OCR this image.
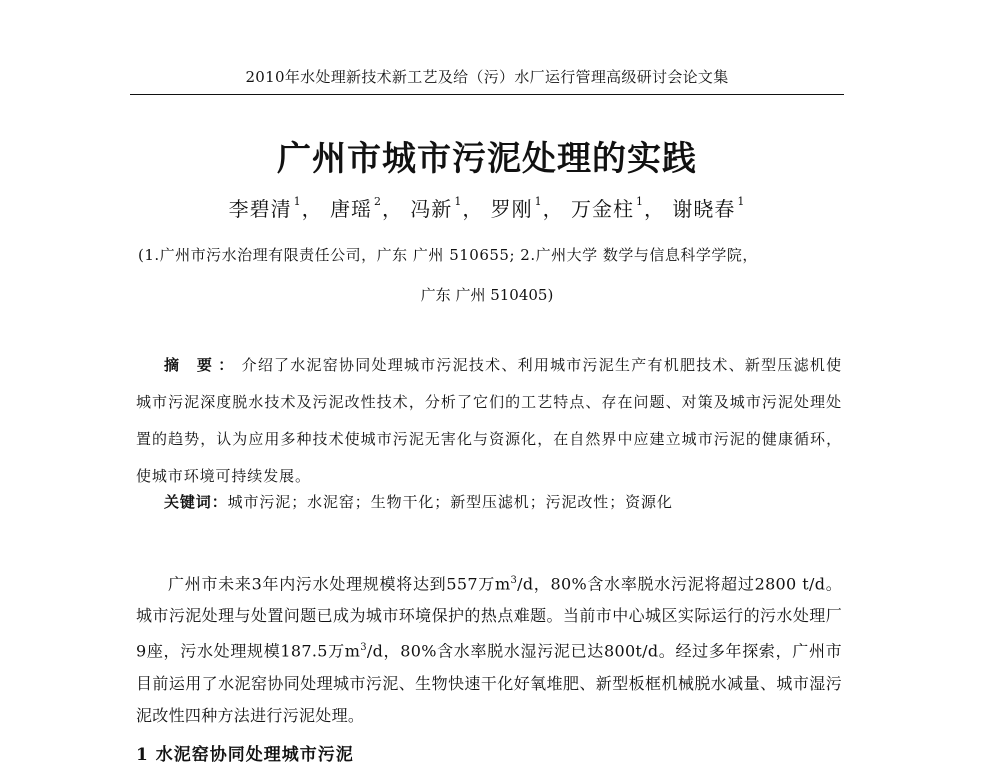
2010年水处理新技术新工艺及给（污）水厂运行管理高级研讨会论文集
广州市城市污泥处理的实践
李碧清 $^1$， 唐瑶 $^2$， 冯新 $^1$， 罗刚 $^1$， 万金柱 $^1$， 谢晓春 $^1$
(1.广州市污水治理有限责任公司，广东 广州 510655; 2.广州大学 数学与信息科学学院，
广东 广州 510405)
摘 要： 介绍了水泥窑协同处理城市污泥技术、利用城市污泥生产有机肥技术、新型压滤机使城市污泥深度脱水技术及污泥改性技术，分析了它们的工艺特点、存在问题、对策及城市污泥处理处置的趋势，认为应用多种技术使城市污泥无害化与资源化，在自然界中应建立城市污泥的健康循环，使城市环境可持续发展。
关键词：城市污泥；水泥窑；生物干化；新型压滤机；污泥改性；资源化
广州市未来3年内污水处理规模将达到557万$m^3/d$，80%含水率脱水污泥将超过2800 t/d。城市污泥处理与处置问题已成为城市环境保护的热点难题。当前市中心城区实际运行的污水处理厂9座，污水处理规模187.5万$m^3/d$，80%含水率脱水湿污泥已达800t/d。经过多年探索，广州市目前运用了水泥窑协同处理城市污泥、生物快速干化好氧堆肥、新型板框机械脱水减量、城市湿污泥改性四种方法进行污泥处理。
1 水泥窑协同处理城市污泥
